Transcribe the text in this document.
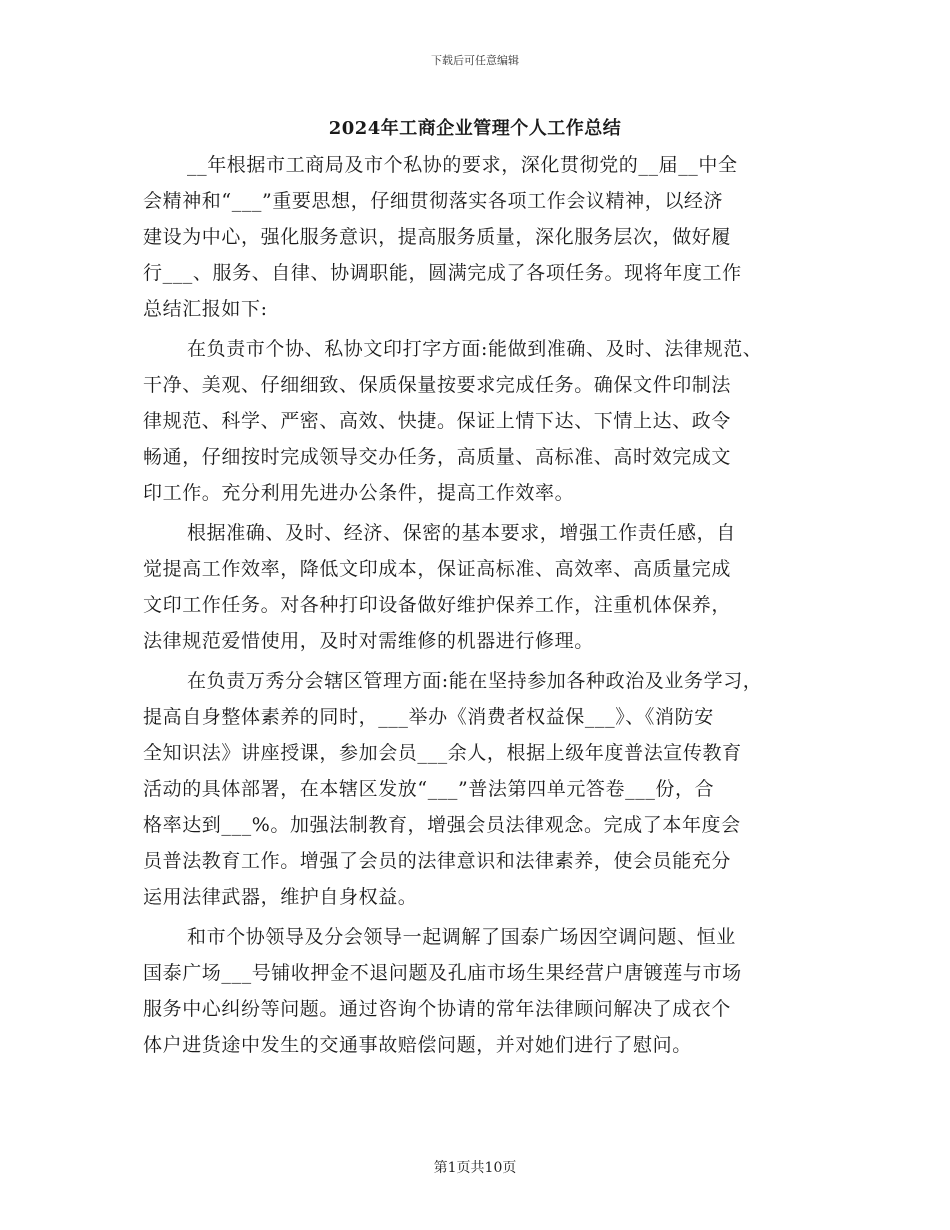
下载后可任意编辑
2024年工商企业管理个人工作总结

__年根据市工商局及市个私协的要求，深化贯彻党的__届__中全
会精神和“___”重要思想，仔细贯彻落实各项工作会议精神，以经济
建设为中心，强化服务意识，提高服务质量，深化服务层次，做好履
行___、服务、自律、协调职能，圆满完成了各项任务。现将年度工作
总结汇报如下:

在负责市个协、私协文印打字方面:能做到准确、及时、法律规范、
干净、美观、仔细细致、保质保量按要求完成任务。确保文件印制法
律规范、科学、严密、高效、快捷。保证上情下达、下情上达、政令
畅通，仔细按时完成领导交办任务，高质量、高标准、高时效完成文
印工作。充分利用先进办公条件，提高工作效率。

根据准确、及时、经济、保密的基本要求，增强工作责任感，自
觉提高工作效率，降低文印成本，保证高标准、高效率、高质量完成
文印工作任务。对各种打印设备做好维护保养工作，注重机体保养，
法律规范爱惜使用，及时对需维修的机器进行修理。

在负责万秀分会辖区管理方面:能在坚持参加各种政治及业务学习，
提高自身整体素养的同时，___举办《消费者权益保___》、《消防安
全知识法》讲座授课，参加会员___余人，根据上级年度普法宣传教育
活动的具体部署，在本辖区发放“___”普法第四单元答卷___份，合
格率达到___%。加强法制教育，增强会员法律观念。完成了本年度会
员普法教育工作。增强了会员的法律意识和法律素养，使会员能充分
运用法律武器，维护自身权益。

和市个协领导及分会领导一起调解了国泰广场因空调问题、恒业
国泰广场___号铺收押金不退问题及孔庙市场生果经营户唐镀莲与市场
服务中心纠纷等问题。通过咨询个协请的常年法律顾问解决了成衣个
体户进货途中发生的交通事故赔偿问题，并对她们进行了慰问。

第1页共10页
